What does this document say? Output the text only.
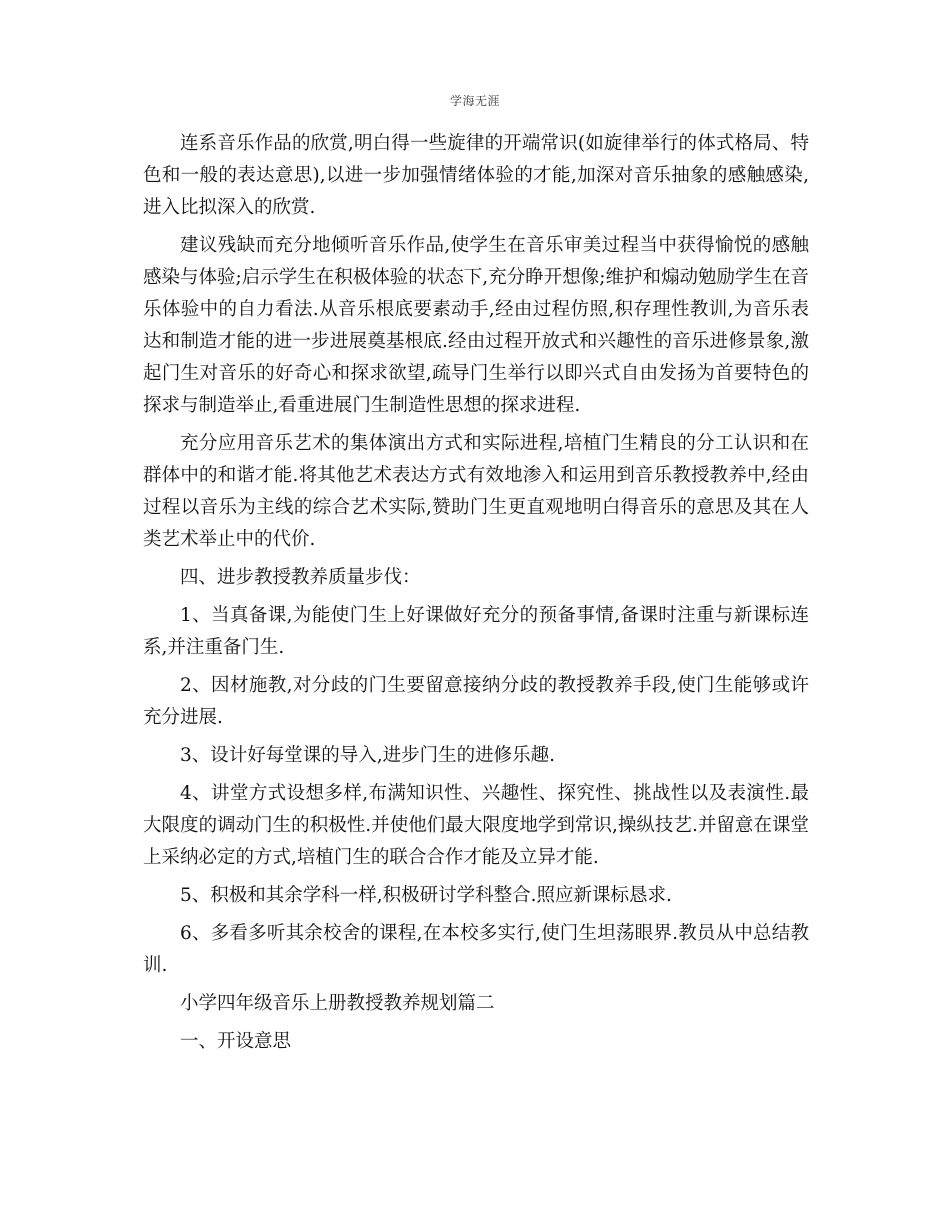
学海无涯

连系音乐作品的欣赏,明白得一些旋律的开端常识(如旋律举行的体式格局、特色和一般的表达意思),以进一步加强情绪体验的才能,加深对音乐抽象的感触感染,进入比拟深入的欣赏.

建议残缺而充分地倾听音乐作品,使学生在音乐审美过程当中获得愉悦的感触感染与体验;启示学生在积极体验的状态下,充分睁开想像;维护和煽动勉励学生在音乐体验中的自力看法.从音乐根底要素动手,经由过程仿照,积存理性教训,为音乐表达和制造才能的进一步进展奠基根底.经由过程开放式和兴趣性的音乐进修景象,激起门生对音乐的好奇心和探求欲望,疏导门生举行以即兴式自由发扬为首要特色的探求与制造举止,看重进展门生制造性思想的探求进程.

充分应用音乐艺术的集体演出方式和实际进程,培植门生精良的分工认识和在群体中的和谐才能.将其他艺术表达方式有效地渗入和运用到音乐教授教养中,经由过程以音乐为主线的综合艺术实际,赞助门生更直观地明白得音乐的意思及其在人类艺术举止中的代价.

四、进步教授教养质量步伐：

1、当真备课,为能使门生上好课做好充分的预备事情,备课时注重与新课标连系,并注重备门生.

2、因材施教,对分歧的门生要留意接纳分歧的教授教养手段,使门生能够或许充分进展.

3、设计好每堂课的导入,进步门生的进修乐趣.

4、讲堂方式设想多样,布满知识性、兴趣性、探究性、挑战性以及表演性.最大限度的调动门生的积极性.并使他们最大限度地学到常识,操纵技艺.并留意在课堂上采纳必定的方式,培植门生的联合合作才能及立异才能.

5、积极和其余学科一样,积极研讨学科整合.照应新课标恳求.

6、多看多听其余校舍的课程,在本校多实行,使门生坦荡眼界.教员从中总结教训.

小学四年级音乐上册教授教养规划篇二

一、开设意思
